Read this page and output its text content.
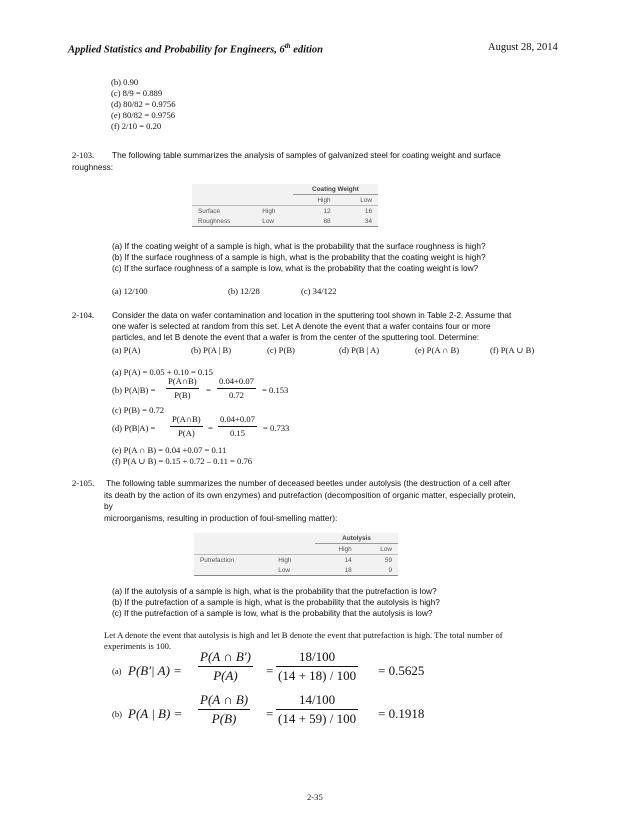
Applied Statistics and Probability for Engineers, 6th edition	August 28, 2014
(b) 0.90
(c) 8/9 = 0.889
(d) 80/82 = 0.9756
(e) 80/82 = 0.9756
(f) 2/10 = 0.20
2-103. The following table summarizes the analysis of samples of galvanized steel for coating weight and surface
roughness:
		Coating Weight	
		High	Low
Surface	High	12	16
Roughness	Low	88	34
(a) If the coating weight of a sample is high, what is the probability that the surface roughness is high?
(b) If the surface roughness of a sample is high, what is the probability that the coating weight is high?
(c) If the surface roughness of a sample is low, what is the probability that the coating weight is low?
(a) 12/100	(b) 12/28	(c) 34/122
2-104. Consider the data on wafer contamination and location in the sputtering tool shown in Table 2-2. Assume that
one wafer is selected at random from this set. Let A denote the event that a wafer contains four or more
particles, and let B denote the event that a wafer is from the center of the sputtering tool. Determine:
(a) P(A)	(b) P(A | B)	(c) P(B)	(d) P(B | A)	(e) P(A ∩ B)	(f) P(A ∪ B)
(a) P(A) = 0.05 + 0.10 = 0.15
(b) $P(A|B) = \frac{P(A\cap B)}{P(B)} = \frac{0.04+0.07}{0.72} = 0.153$
(c) P(B) = 0.72
(d) $P(B|A) = \frac{P(A\cap B)}{P(A)} = \frac{0.04+0.07}{0.15} = 0.733$
(e) P(A ∩ B) = 0.04 +0.07 = 0.11
(f) P(A ∪ B) = 0.15 + 0.72 – 0.11 = 0.76
2-105. The following table summarizes the number of deceased beetles under autolysis (the destruction of a cell after
its death by the action of its own enzymes) and putrefaction (decomposition of organic matter, especially protein,
by
microorganisms, resulting in production of foul-smelling matter):
		Autolysis	
		High	Low
Putrefaction	High	14	59
	Low	18	9
(a) If the autolysis of a sample is high, what is the probability that the putrefaction is low?
(b) If the putrefaction of a sample is high, what is the probability that the autolysis is high?
(c) If the putrefaction of a sample is low, what is the probability that the autolysis is low?
Let A denote the event that autolysis is high and let B denote the event that putrefaction is high. The total number of
experiments is 100.
(a) P(B′| $A) = \frac{P(A \cap B')}{P(A)} = \frac{18/100}{(14 + 18) / 100} = 0.5625$
(b) P(A | $B) = \frac{P(A \cap B)}{P(B)} = \frac{14/100}{(14 + 59) / 100} = 0.1918$
2-35
